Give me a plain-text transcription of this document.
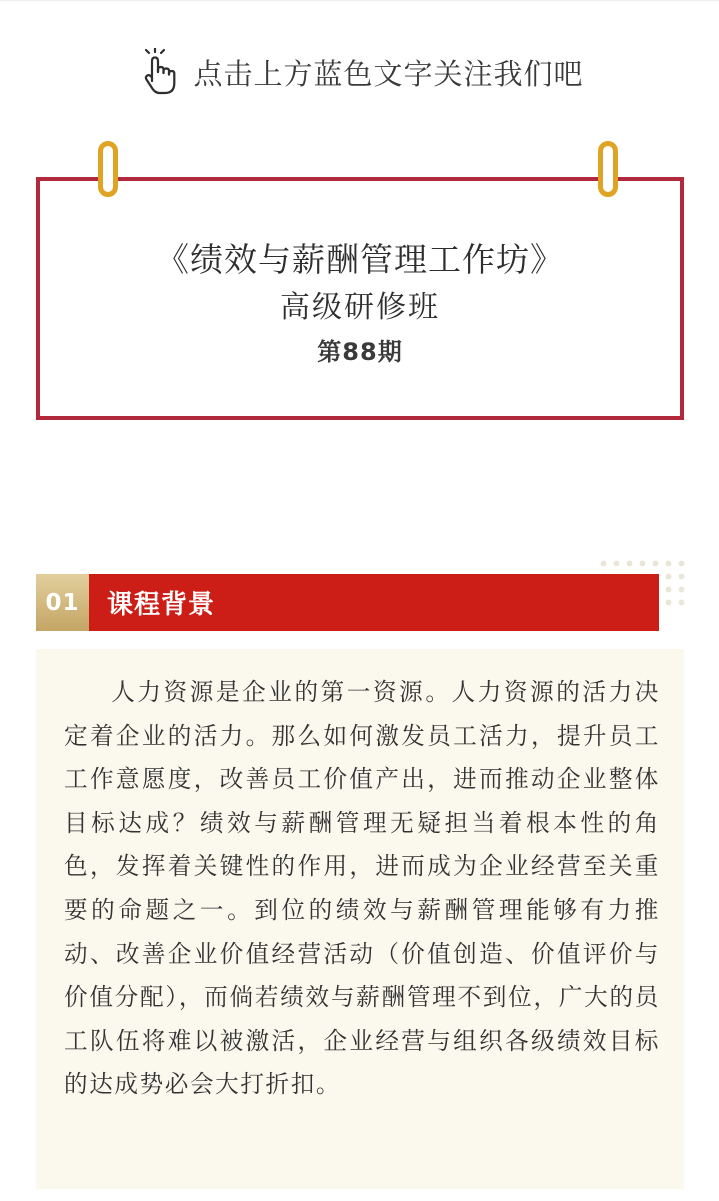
点击上方蓝色文字关注我们吧
《绩效与薪酬管理工作坊》
高级研修班
第88期
01	课程背景

人力资源是企业的第一资源。人力资源的活力决定着企业的活力。那么如何激发员工活力，提升员工工作意愿度，改善员工价值产出，进而推动企业整体目标达成？绩效与薪酬管理无疑担当着根本性的角色，发挥着关键性的作用，进而成为企业经营至关重要的命题之一。到位的绩效与薪酬管理能够有力推动、改善企业价值经营活动（价值创造、价值评价与价值分配），而倘若绩效与薪酬管理不到位，广大的员工队伍将难以被激活，企业经营与组织各级绩效目标的达成势必会大打折扣。
